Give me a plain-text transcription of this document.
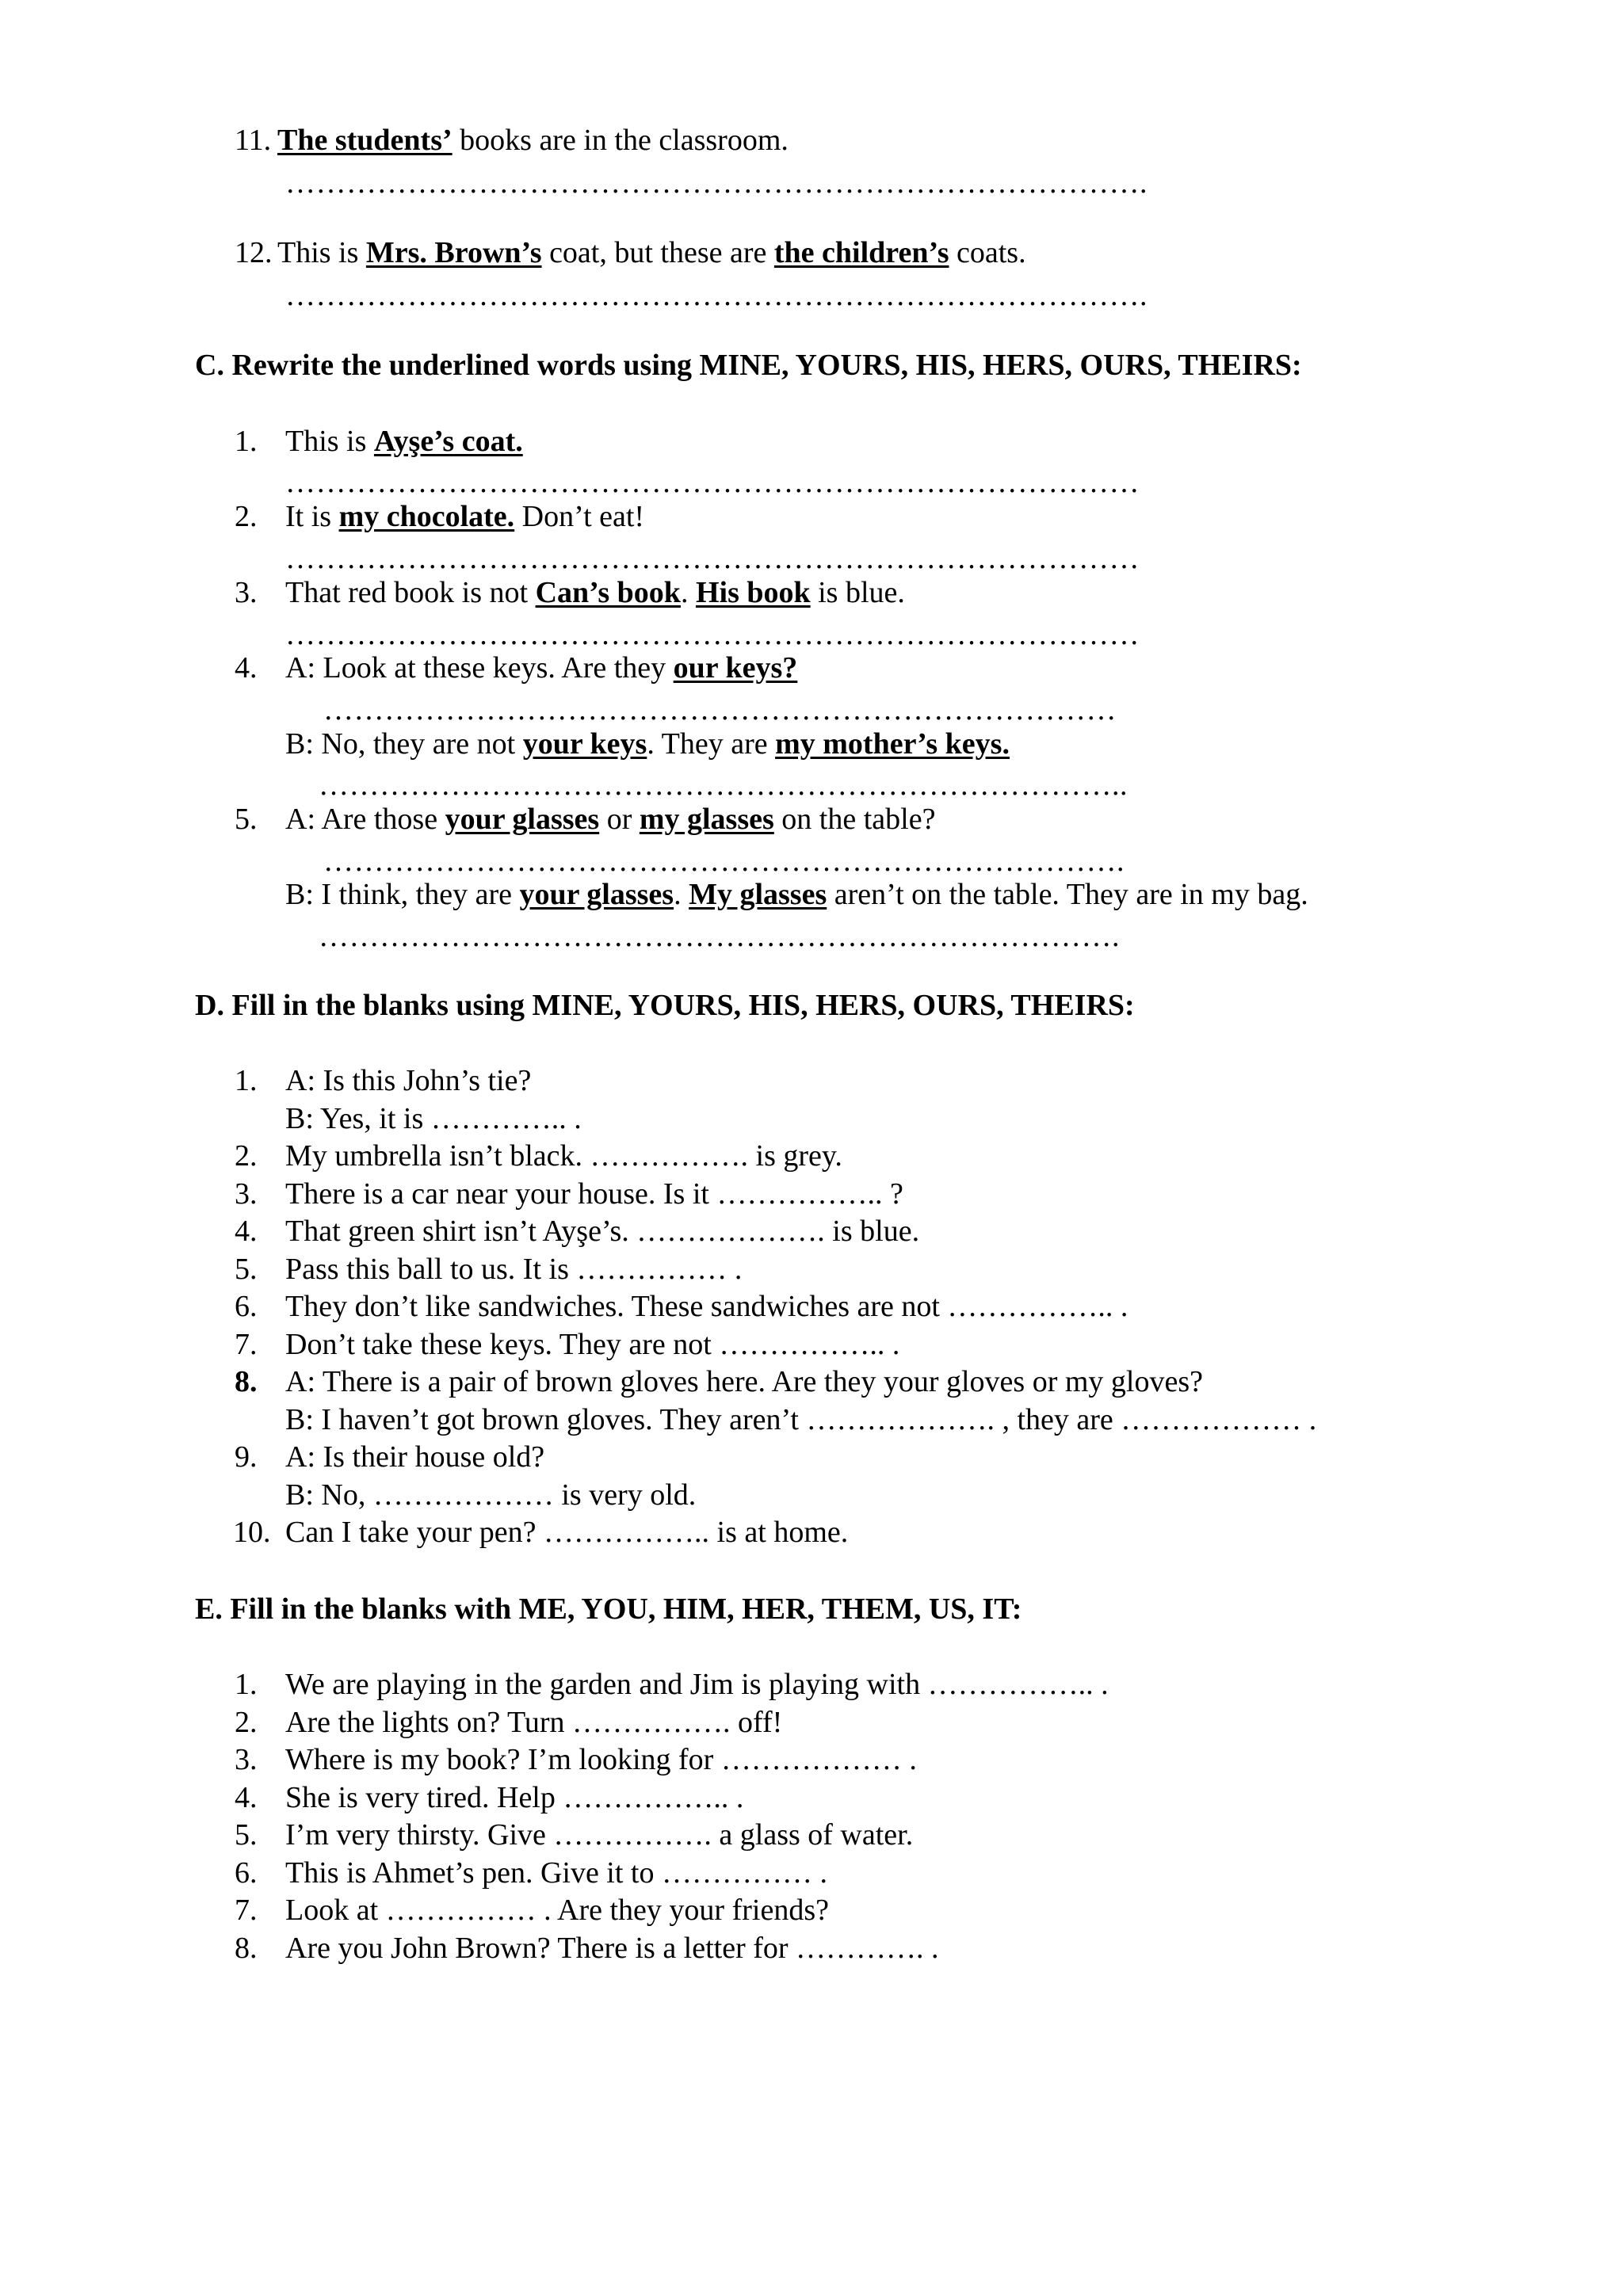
11. The students’ books are in the classroom.
………………………………………………………………………….
12. This is Mrs. Brown’s coat, but these are the children’s coats.
………………………………………………………………………….
C. Rewrite the underlined words using MINE, YOURS, HIS, HERS, OURS, THEIRS:
1. This is Ayşe’s coat.
…………………………………………………………………………
2. It is my chocolate. Don’t eat!
…………………………………………………………………………
3. That red book is not Can’s book. His book is blue.
…………………………………………………………………………
4. A: Look at these keys. Are they our keys?
……………………………………………………………………
B: No, they are not your keys. They are my mother’s keys.
……………………………………………………………………..
5. A: Are those your glasses or my glasses on the table?
…………………………………………………………………….
B: I think, they are your glasses. My glasses aren’t on the table. They are in my bag.
…………………………………………………………………….
D. Fill in the blanks using MINE, YOURS, HIS, HERS, OURS, THEIRS:
1. A: Is this John’s tie?
B: Yes, it is ………….. .
2. My umbrella isn’t black. ……………. is grey.
3. There is a car near your house. Is it …………….. ?
4. That green shirt isn’t Ayşe’s. ………………. is blue.
5. Pass this ball to us. It is …………… .
6. They don’t like sandwiches. These sandwiches are not …………….. .
7. Don’t take these keys. They are not …………….. .
8. A: There is a pair of brown gloves here. Are they your gloves or my gloves?
B: I haven’t got brown gloves. They aren’t ………………. , they are ……………… .
9. A: Is their house old?
B: No, ……………… is very old.
10. Can I take your pen? …………….. is at home.
E. Fill in the blanks with ME, YOU, HIM, HER, THEM, US, IT:
1. We are playing in the garden and Jim is playing with …………….. .
2. Are the lights on? Turn ……………. off!
3. Where is my book? I’m looking for ……………… .
4. She is very tired. Help …………….. .
5. I’m very thirsty. Give ……………. a glass of water.
6. This is Ahmet’s pen. Give it to …………… .
7. Look at …………… . Are they your friends?
8. Are you John Brown? There is a letter for …………. .
